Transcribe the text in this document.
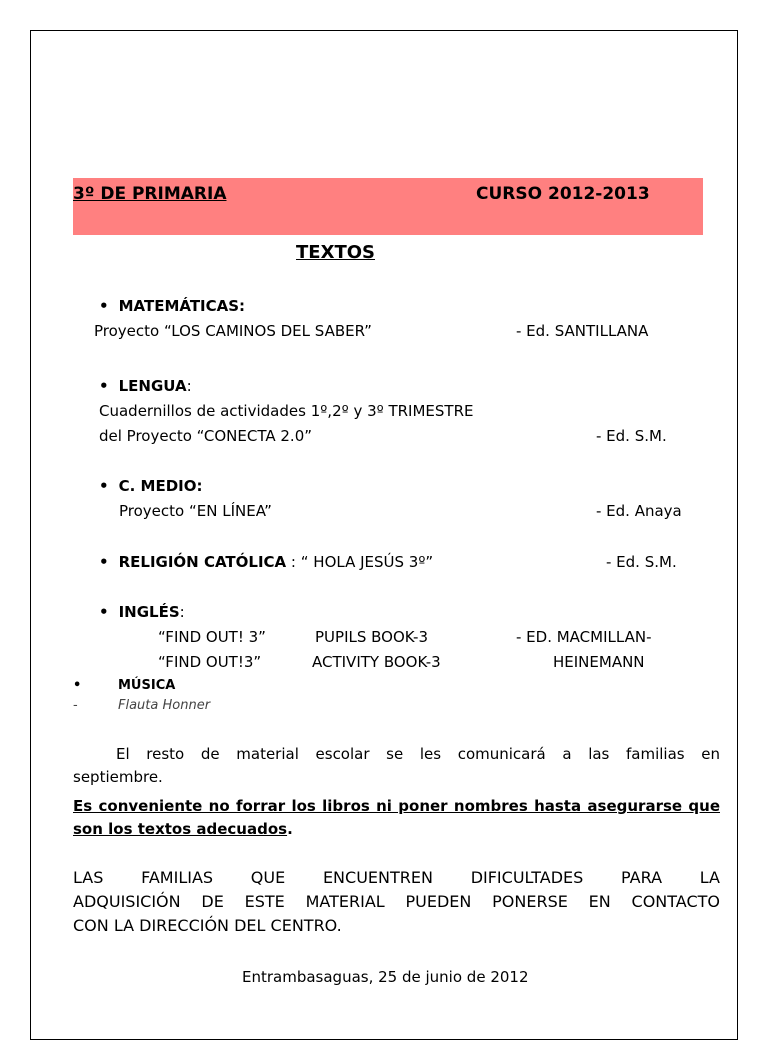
3º DE PRIMARIA	CURSO 2012-2013
TEXTOS
• MATEMÁTICAS:
Proyecto “LOS CAMINOS DEL SABER”	- Ed. SANTILLANA
• LENGUA:
Cuadernillos de actividades 1º,2º y 3º TRIMESTRE
del Proyecto “CONECTA 2.0”	- Ed. S.M.
• C. MEDIO:
Proyecto “EN LÍNEA”	- Ed. Anaya
• RELIGIÓN CATÓLICA : “ HOLA JESÚS 3º”	- Ed. S.M.
• INGLÉS:
“FIND OUT! 3”	PUPILS BOOK-3	- ED. MACMILLAN-
“FIND OUT!3”	ACTIVITY BOOK-3	HEINEMANN
•	MÚSICA
-	Flauta Honner
El resto de material escolar se les comunicará a las familias en
septiembre.
Es conveniente no forrar los libros ni poner nombres hasta asegurarse que
son los textos adecuados.
LAS FAMILIAS QUE ENCUENTREN DIFICULTADES PARA LA
ADQUISICIÓN DE ESTE MATERIAL PUEDEN PONERSE EN CONTACTO
CON LA DIRECCIÓN DEL CENTRO.
Entrambasaguas, 25 de junio de 2012
